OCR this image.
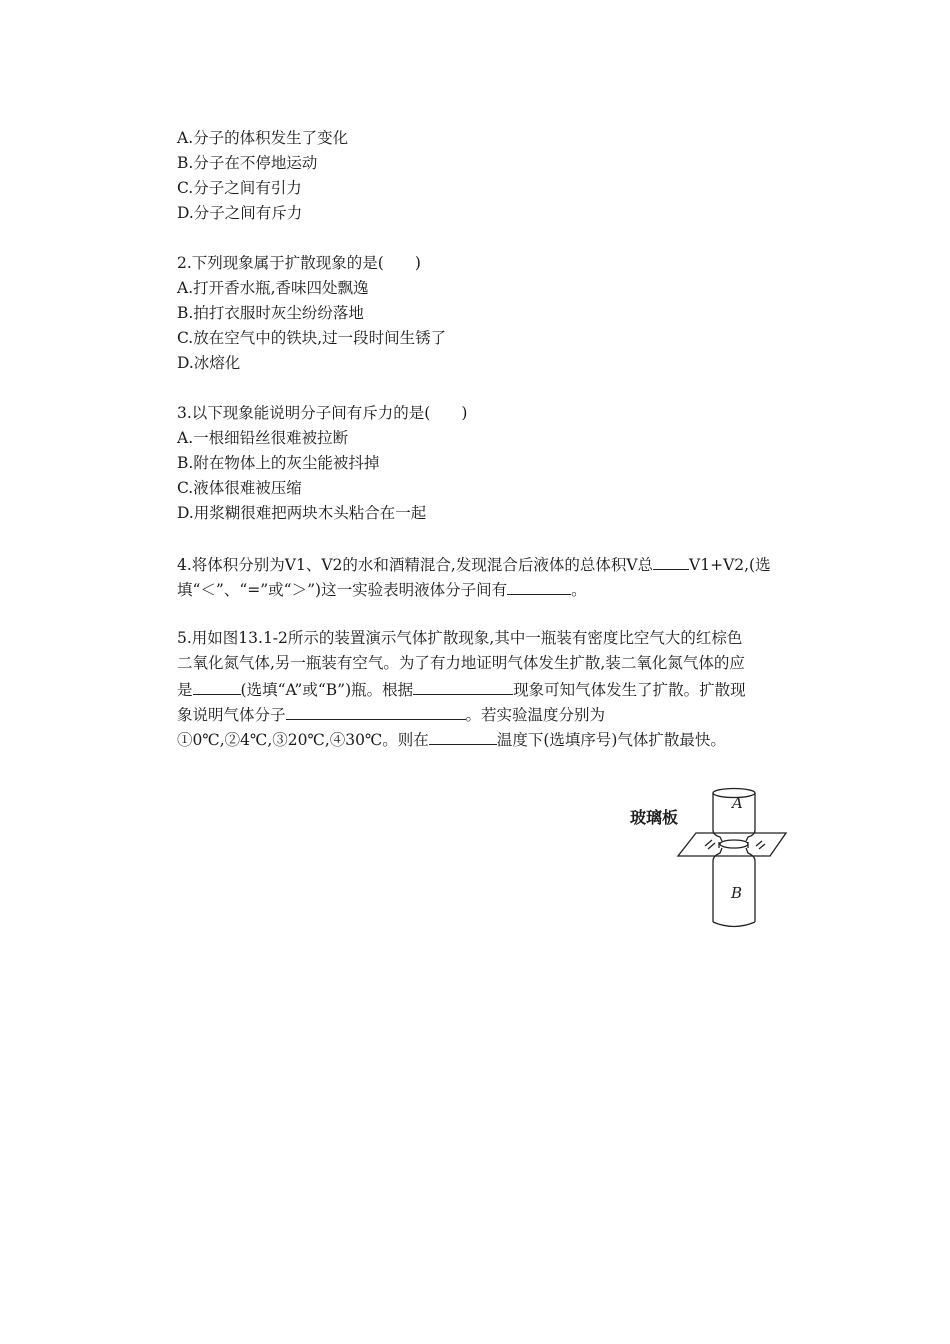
A.分子的体积发生了变化
B.分子在不停地运动
C.分子之间有引力
D.分子之间有斥力
2.下列现象属于扩散现象的是(　　)
A.打开香水瓶,香味四处飘逸
B.拍打衣服时灰尘纷纷落地
C.放在空气中的铁块,过一段时间生锈了
D.冰熔化
3.以下现象能说明分子间有斥力的是(　　)
A.一根细铅丝很难被拉断
B.附在物体上的灰尘能被抖掉
C.液体很难被压缩
D.用浆糊很难把两块木头粘合在一起
4.将体积分别为V1、V2的水和酒精混合,发现混合后液体的总体积V总 V1+V2,(选
填“＜”、“=”或“＞”)这一实验表明液体分子间有	。
5.用如图13.1-2所示的装置演示气体扩散现象,其中一瓶装有密度比空气大的红棕色
二氧化氮气体,另一瓶装有空气。为了有力地证明气体发生扩散,装二氧化氮气体的应
是	(选填“A”或“B”)瓶。根据	现象可知气体发生了扩散。扩散现
象说明气体分子	。若实验温度分别为
①0℃,②4℃,③20℃,④30℃。则在	温度下(选填序号)气体扩散最快。
玻璃板
A
B
